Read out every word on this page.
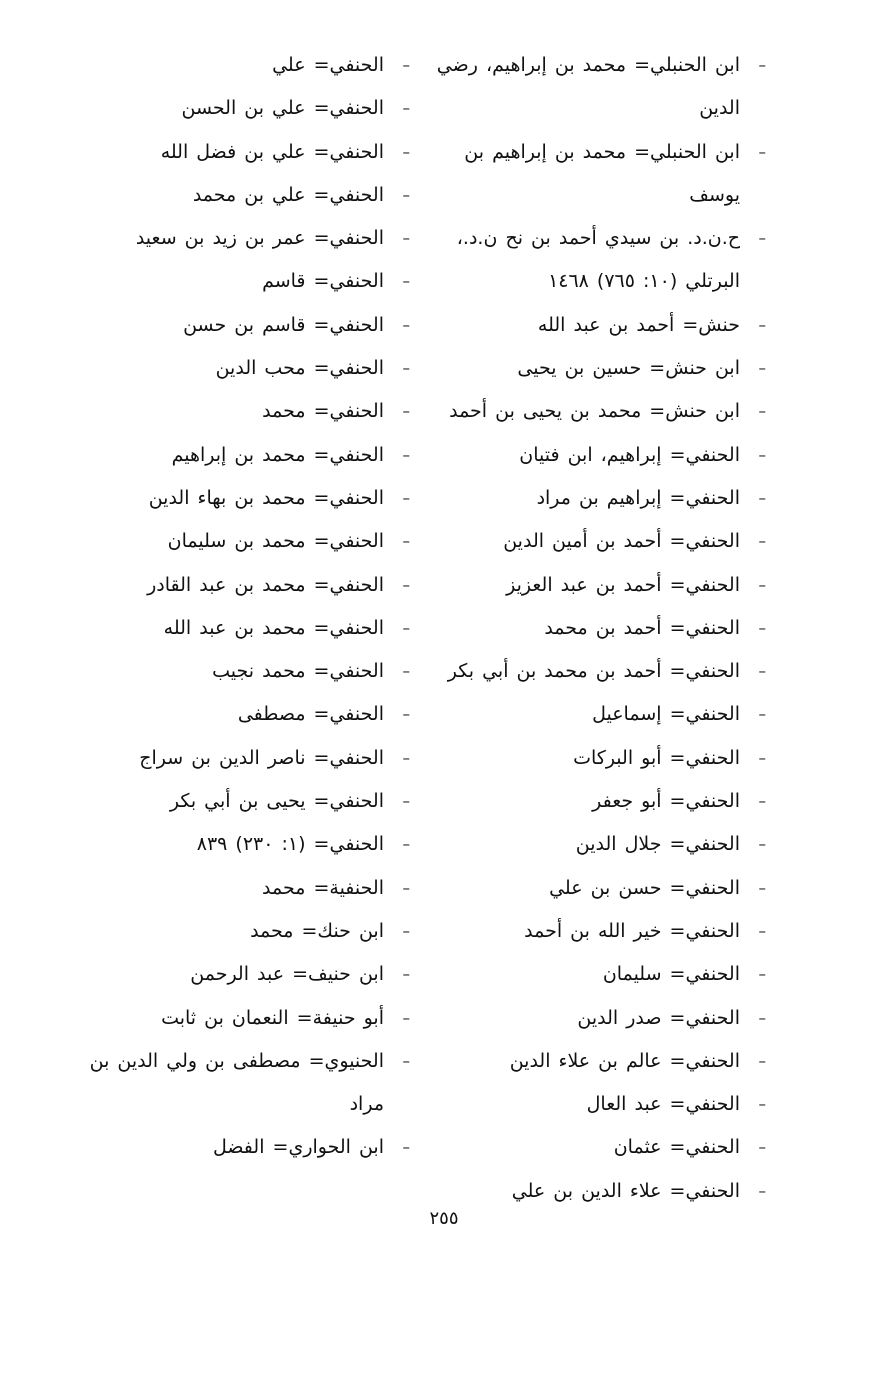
–
ابن الحنبلي= محمد بن إبراهيم، رضي الدين
–
ابن الحنبلي= محمد بن إبراهيم بن يوسف
–
ح.ن.د. بن سيدي أحمد بن نح ن.د.، البرتلي (١٠: ٧٦٥) ١٤٦٨
–
حنش= أحمد بن عبد الله
–
ابن حنش= حسين بن يحيى
–
ابن حنش= محمد بن يحيى بن أحمد
–
الحنفي= إبراهيم، ابن فتيان
–
الحنفي= إبراهيم بن مراد
–
الحنفي= أحمد بن أمين الدين
–
الحنفي= أحمد بن عبد العزيز
–
الحنفي= أحمد بن محمد
–
الحنفي= أحمد بن محمد بن أبي بكر
–
الحنفي= إسماعيل
–
الحنفي= أبو البركات
–
الحنفي= أبو جعفر
–
الحنفي= جلال الدين
–
الحنفي= حسن بن علي
–
الحنفي= خير الله بن أحمد
–
الحنفي= سليمان
–
الحنفي= صدر الدين
–
الحنفي= عالم بن علاء الدين
–
الحنفي= عبد العال
–
الحنفي= عثمان
–
الحنفي= علاء الدين بن علي
–
الحنفي= علي
–
الحنفي= علي بن الحسن
–
الحنفي= علي بن فضل الله
–
الحنفي= علي بن محمد
–
الحنفي= عمر بن زيد بن سعيد
–
الحنفي= قاسم
–
الحنفي= قاسم بن حسن
–
الحنفي= محب الدين
–
الحنفي= محمد
–
الحنفي= محمد بن إبراهيم
–
الحنفي= محمد بن بهاء الدين
–
الحنفي= محمد بن سليمان
–
الحنفي= محمد بن عبد القادر
–
الحنفي= محمد بن عبد الله
–
الحنفي= محمد نجيب
–
الحنفي= مصطفى
–
الحنفي= ناصر الدين بن سراج
–
الحنفي= يحيى بن أبي بكر
–
الحنفي= (١: ٢٣٠) ٨٣٩
–
الحنفية= محمد
–
ابن حنك= محمد
–
ابن حنيف= عبد الرحمن
–
أبو حنيفة= النعمان بن ثابت
–
الحنيوي= مصطفى بن ولي الدين بن مراد
–
ابن الحواري= الفضل
٢٥٥
